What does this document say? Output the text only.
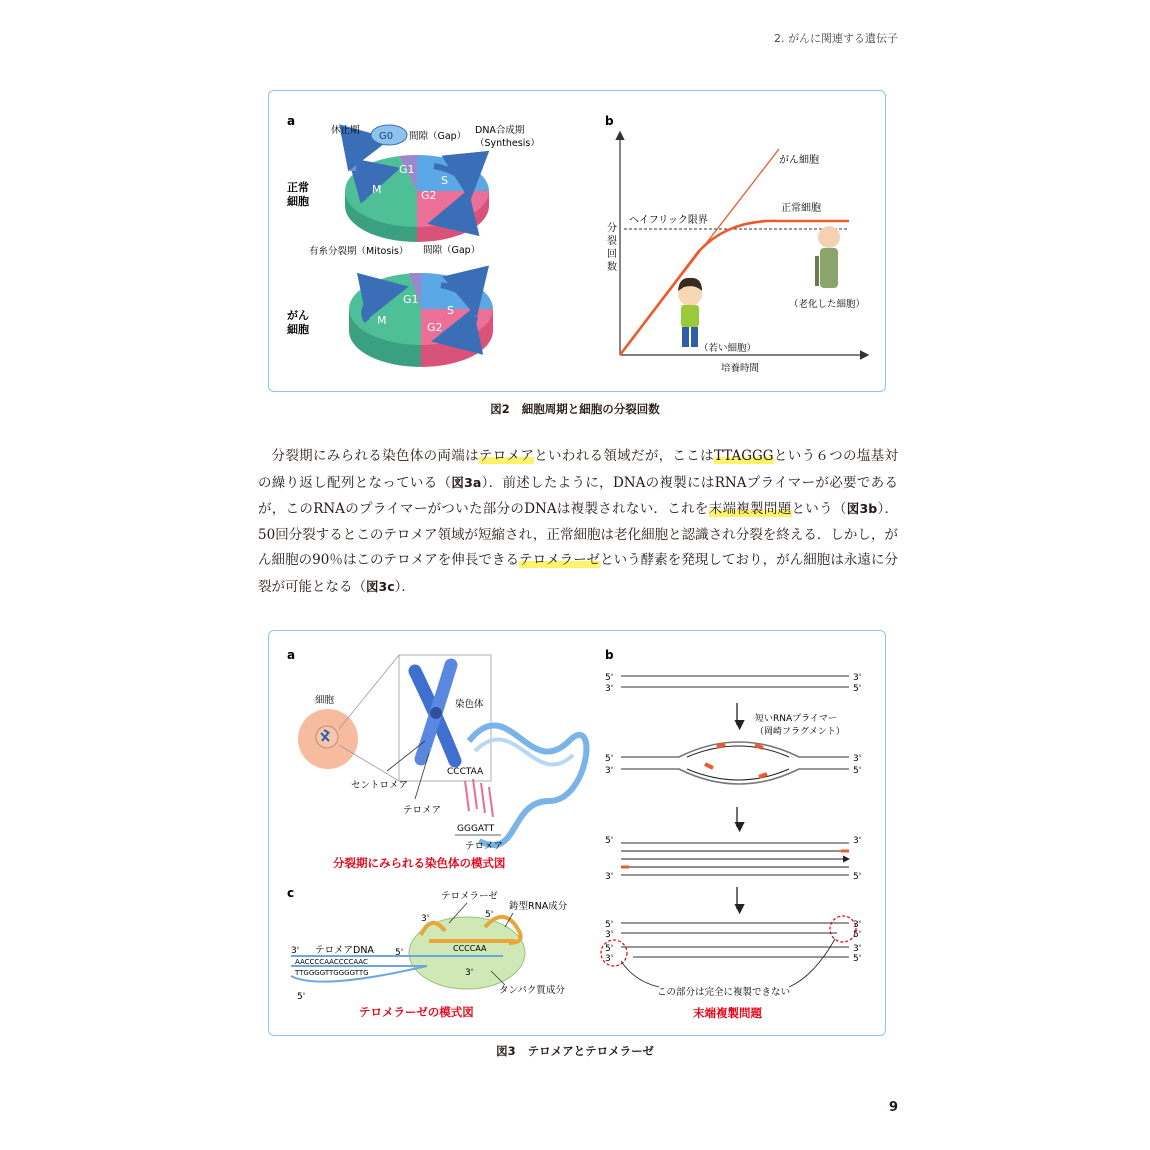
2. がんに関連する遺伝子
a
正常
細胞
がん
細胞
M
G1
S
G2
G0
休止期
間隙（Gap）
DNA合成期
（Synthesis）
間隙（Gap）
有糸分裂期（Mitosis）
M
G1
S
G2
b
分
裂
回
数
培養時間
ヘイフリック限界
がん細胞
正常細胞
（若い細胞）
（老化した細胞）
図2 細胞周期と細胞の分裂回数

分裂期にみられる染色体の両端はテロメアといわれる領域だが，ここはTTAGGGという６つの塩基対の繰り返し配列となっている（図3a）．前述したように，DNAの複製にはRNAプライマーが必要であるが，このRNAのプライマーがついた部分のDNAは複製されない．これを末端複製問題という（図3b）．50回分裂するとこのテロメア領域が短縮され，正常細胞は老化細胞と認識され分裂を終える．しかし，がん細胞の90％はこのテロメアを伸長できるテロメラーゼという酵素を発現しており，がん細胞は永遠に分裂が可能となる（図3c）．

a
細胞	染色体
CCCTAA
GGGATT
テロメア
セントロメア
テロメア
分裂期にみられる染色体の模式図
b
5'
3'
3'
5'
短いRNAプライマー
（岡崎フラグメント）
5'
3'
3'
5'
5'	3'
3'	5'
5'
3'
5'
3'
3'
5'
3'
5'
この部分は完全に複製できない
末端複製問題
c
CCCCAA
AACCCCAACCCCAAC
TTGGGGTTGGGGTTG
3'	5'
3'	5'
3'
5'
テロメラーゼ
鋳型RNA成分
テロメアDNA
タンパク質成分
テロメラーゼの模式図
図3 テロメアとテロメラーゼ
9
